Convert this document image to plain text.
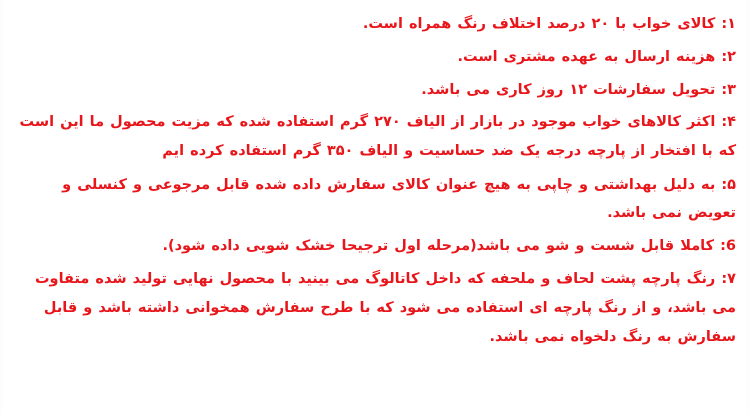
۱: کالای خواب با ۲۰ درصد اختلاف رنگ همراه است.

۲: هزینه ارسال به عهده مشتری است.

۳: تحویل سفارشات ۱۲ روز کاری می باشد.

۴: اکثر کالاهای خواب موجود در بازار از الیاف ۲۷۰ گرم استفاده شده که مزیت محصول ما این است که با افتخار از پارچه درجه یک ضد حساسیت و الیاف ۳۵۰ گرم استفاده کرده ایم

۵: به دلیل بهداشتی و چاپی به هیچ عنوان کالای سفارش داده شده قابل مرجوعی و کنسلی و تعویض نمی باشد.

6: کاملا قابل شست و شو می باشد(مرحله اول ترجیحا خشک شویی داده شود).

۷: رنگ پارچه پشت لحاف و ملحفه که داخل کاتالوگ می بینید با محصول نهایی تولید شده متفاوت می باشد، و از رنگ پارچه ای استفاده می شود که با طرح سفارش همخوانی داشته باشد و قابل سفارش به رنگ دلخواه نمی باشد.
